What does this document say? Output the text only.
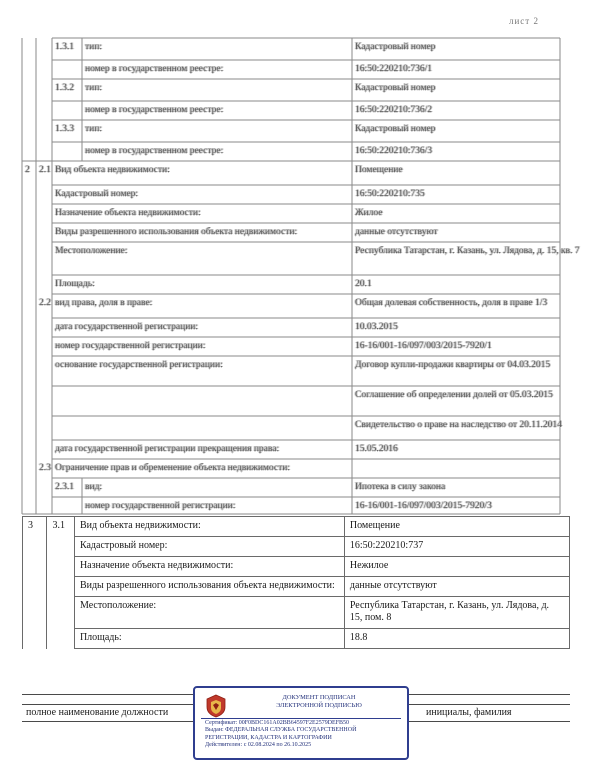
лист 2
1.3.1	тип:	Кадастровый номер
номер в государственном реестре:	16:50:220210:736/1
1.3.2	тип:	Кадастровый номер
номер в государственном реестре:	16:50:220210:736/2
1.3.3	тип:	Кадастровый номер
номер в государственном реестре:	16:50:220210:736/3
2 2.1 Вид объекта недвижимости:	Помещение
Кадастровый номер:	16:50:220210:735
Назначение объекта недвижимости:	Жилое
Виды разрешенного использования объекта недвижимости:	данные отсутствуют
Местоположение:	Республика Татарстан, г. Казань, ул. Лядова, д. 15, кв. 7
Площадь:	20.1
2.2 вид права, доля в праве:	Общая долевая собственность, доля в праве 1/3
дата государственной регистрации:	10.03.2015
номер государственной регистрации:	16-16/001-16/097/003/2015-7920/1
основание государственной регистрации:	Договор купли-продажи квартиры от 04.03.2015
Соглашение об определении долей от 05.03.2015
Свидетельство о праве на наследство от 20.11.2014
дата государственной регистрации прекращения права:	15.05.2016
2.3 Ограничение прав и обременение объекта недвижимости:
2.3.1	вид:	Ипотека в силу закона
номер государственной регистрации:	16-16/001-16/097/003/2015-7920/3
3	3.1	Вид объекта недвижимости:	Помещение
		Кадастровый номер:	16:50:220210:737
		Назначение объекта недвижимости:	Нежилое
		Виды разрешенного использования объекта недвижимости:	данные отсутствуют
		Местоположение:	Республика Татарстан, г. Казань, ул. Лядова, д. 15, пом. 8
		Площадь:	18.8
полное наименование должности	инициалы, фамилия
ДОКУМЕНТ ПОДПИСАН
ЭЛЕКТРОННОЙ ПОДПИСЬЮ
Сертификат: 00F0BDC161A02BB64597F2E2579DEFB50
Выдан: ФЕДЕРАЛЬНАЯ СЛУЖБА ГОСУДАРСТВЕННОЙ
РЕГИСТРАЦИИ, КАДАСТРА И КАРТОГРАФИИ
Действителен: с 02.08.2024 по 26.10.2025
